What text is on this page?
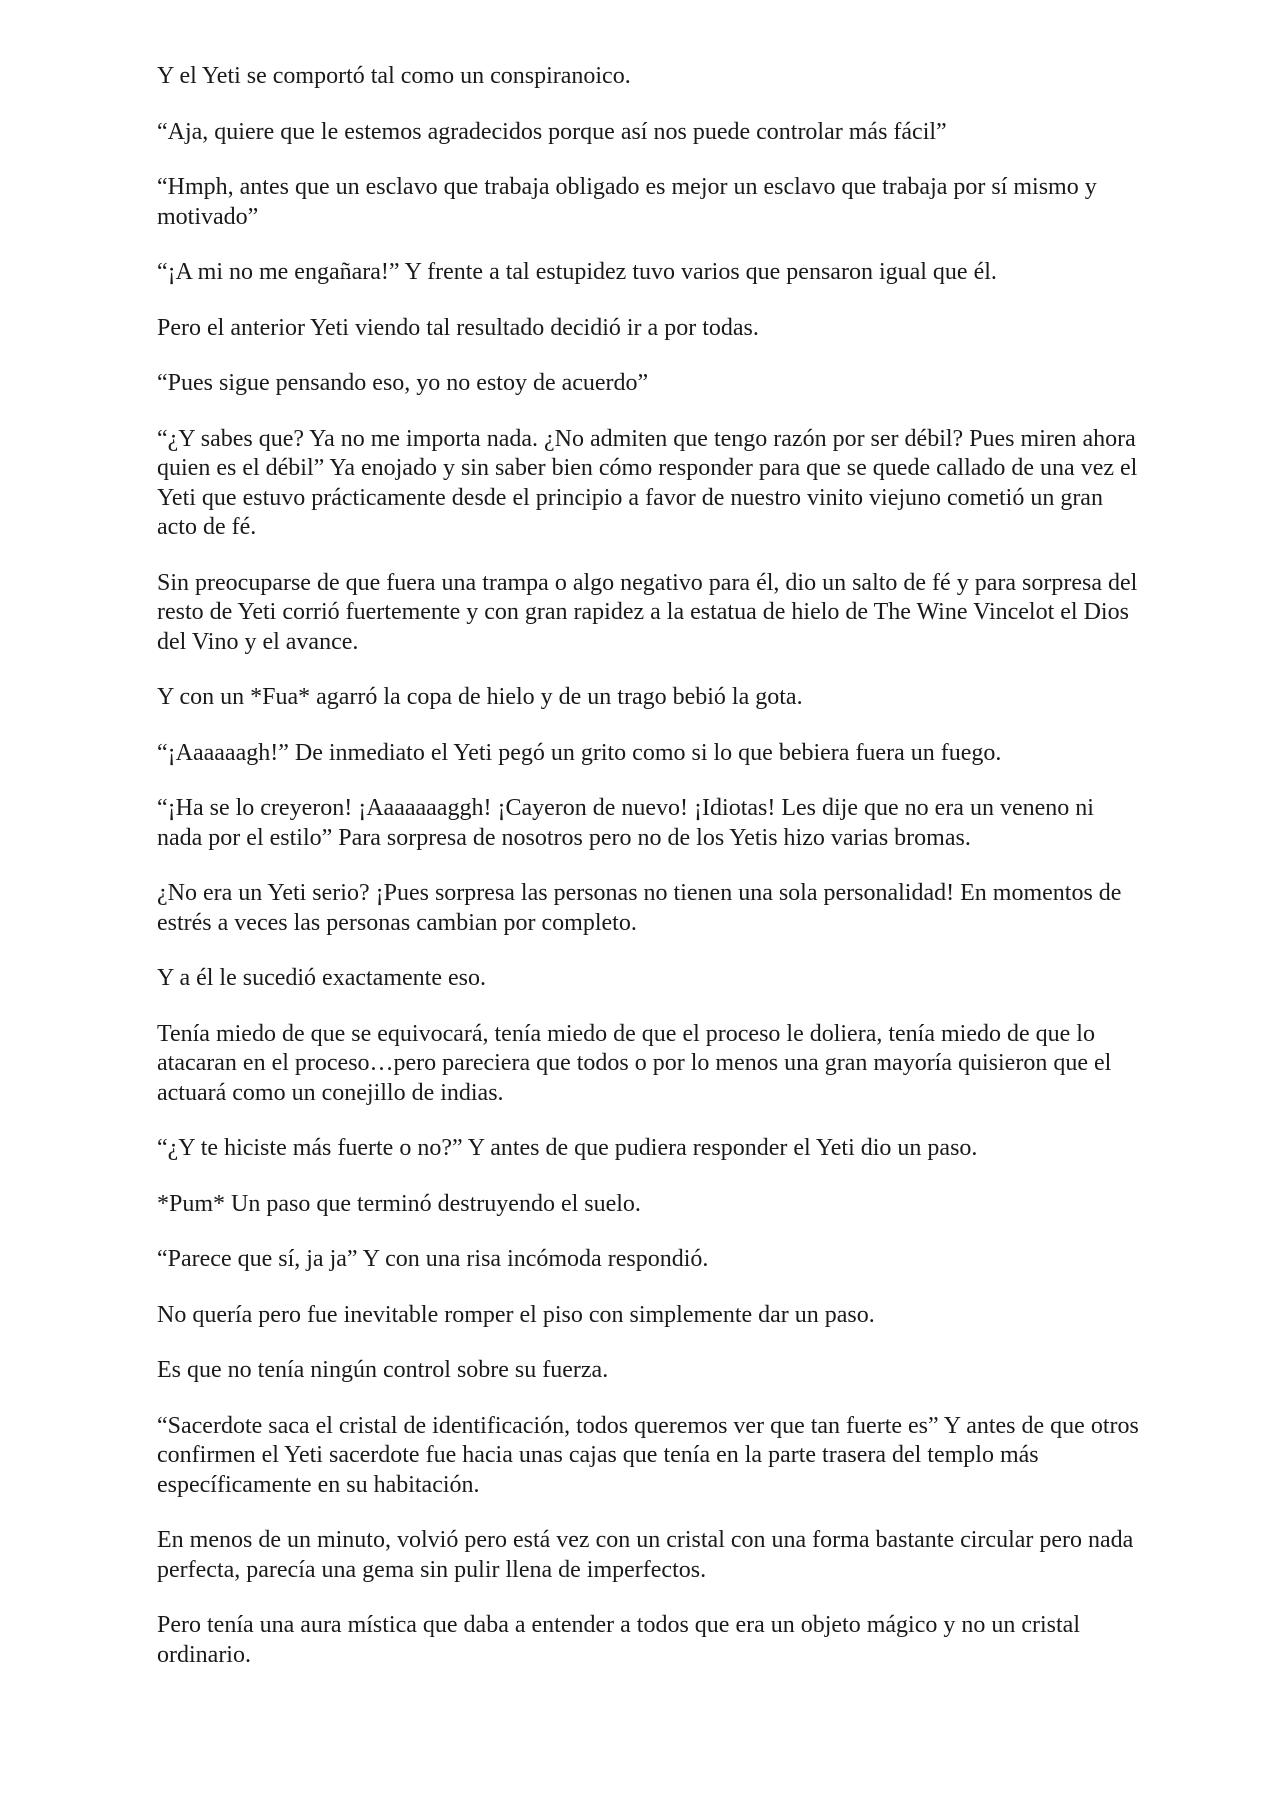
Y el Yeti se comportó tal como un conspiranoico.

“Aja, quiere que le estemos agradecidos porque así nos puede controlar más fácil”

“Hmph, antes que un esclavo que trabaja obligado es mejor un esclavo que trabaja por sí mismo y motivado”

“¡A mi no me engañara!” Y frente a tal estupidez tuvo varios que pensaron igual que él.

Pero el anterior Yeti viendo tal resultado decidió ir a por todas.

“Pues sigue pensando eso, yo no estoy de acuerdo”

“¿Y sabes que? Ya no me importa nada. ¿No admiten que tengo razón por ser débil? Pues miren ahora quien es el débil” Ya enojado y sin saber bien cómo responder para que se quede callado de una vez el Yeti que estuvo prácticamente desde el principio a favor de nuestro vinito viejuno cometió un gran acto de fé.

Sin preocuparse de que fuera una trampa o algo negativo para él, dio un salto de fé y para sorpresa del resto de Yeti corrió fuertemente y con gran rapidez a la estatua de hielo de The Wine Vincelot el Dios del Vino y el avance.

Y con un *Fua* agarró la copa de hielo y de un trago bebió la gota.

“¡Aaaaaagh!” De inmediato el Yeti pegó un grito como si lo que bebiera fuera un fuego.

“¡Ha se lo creyeron! ¡Aaaaaaaggh! ¡Cayeron de nuevo! ¡Idiotas! Les dije que no era un veneno ni nada por el estilo” Para sorpresa de nosotros pero no de los Yetis hizo varias bromas.

¿No era un Yeti serio? ¡Pues sorpresa las personas no tienen una sola personalidad! En momentos de estrés a veces las personas cambian por completo.

Y a él le sucedió exactamente eso.

Tenía miedo de que se equivocará, tenía miedo de que el proceso le doliera, tenía miedo de que lo atacaran en el proceso…pero pareciera que todos o por lo menos una gran mayoría quisieron que el actuará como un conejillo de indias.

“¿Y te hiciste más fuerte o no?” Y antes de que pudiera responder el Yeti dio un paso.

*Pum* Un paso que terminó destruyendo el suelo.

“Parece que sí, ja ja” Y con una risa incómoda respondió.

No quería pero fue inevitable romper el piso con simplemente dar un paso.

Es que no tenía ningún control sobre su fuerza.

“Sacerdote saca el cristal de identificación, todos queremos ver que tan fuerte es” Y antes de que otros confirmen el Yeti sacerdote fue hacia unas cajas que tenía en la parte trasera del templo más específicamente en su habitación.

En menos de un minuto, volvió pero está vez con un cristal con una forma bastante circular pero nada perfecta, parecía una gema sin pulir llena de imperfectos.

Pero tenía una aura mística que daba a entender a todos que era un objeto mágico y no un cristal ordinario.
